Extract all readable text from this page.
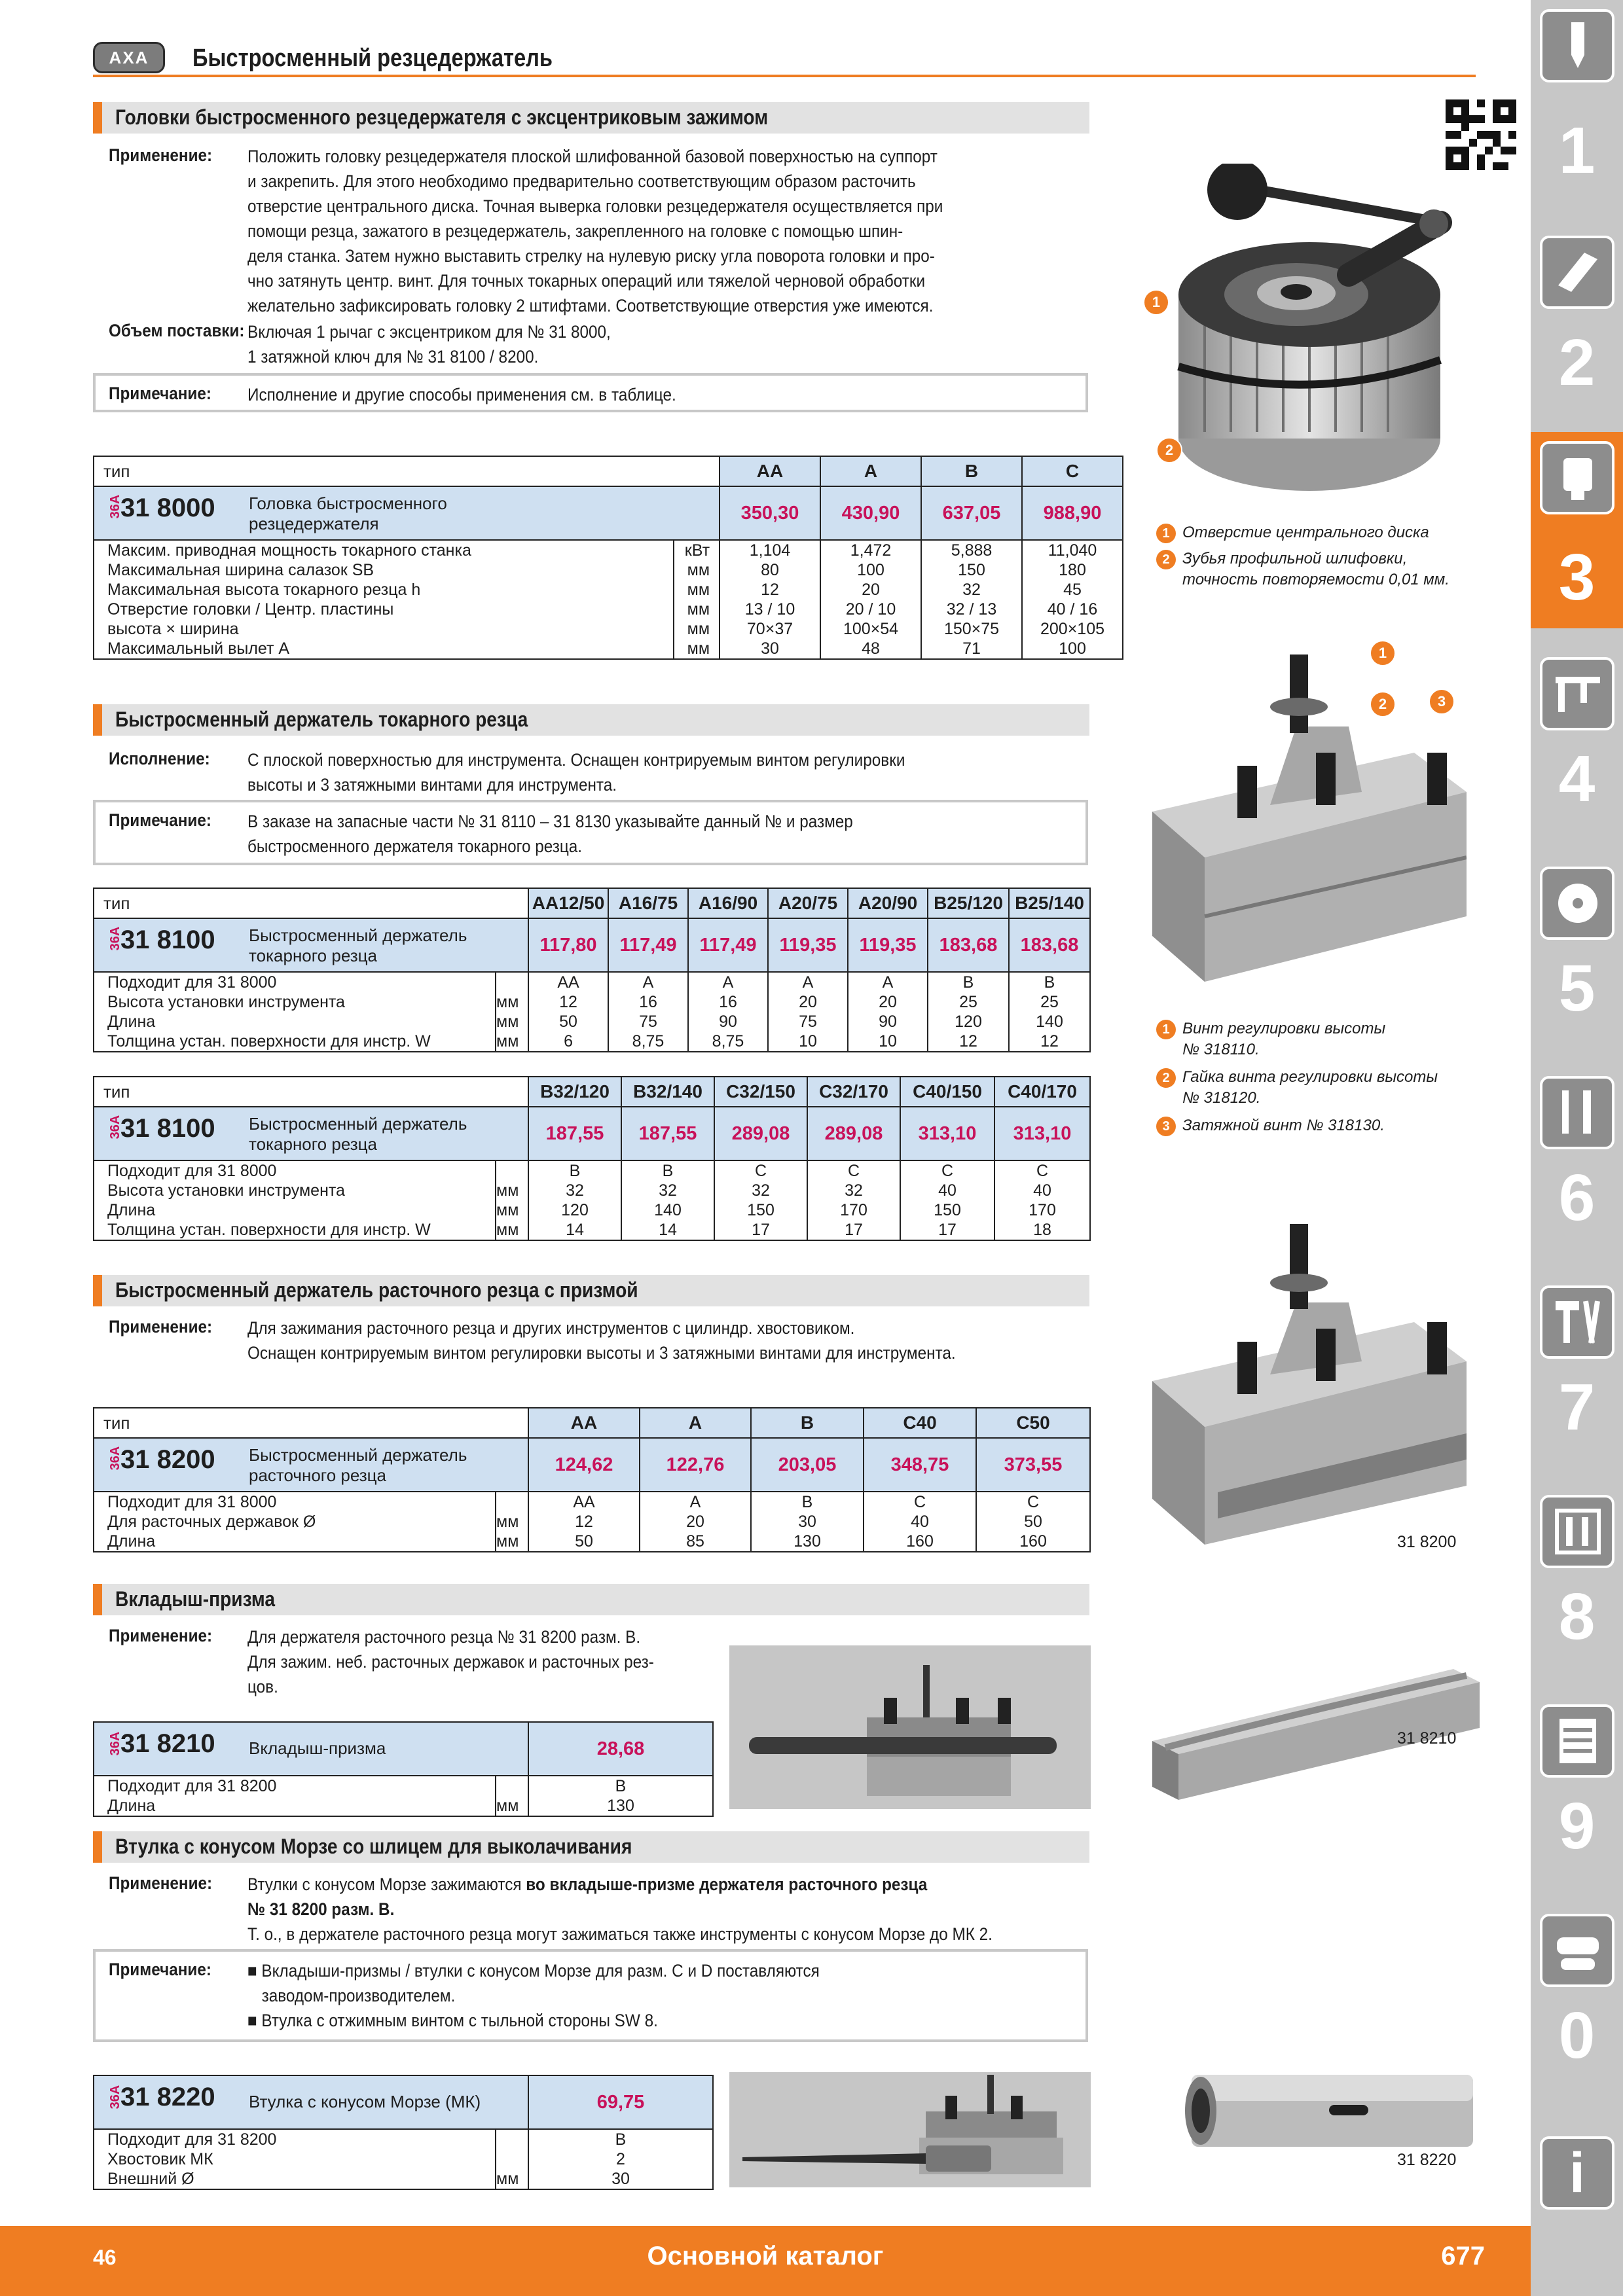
AXA Быстросменный резцедержатель
Головки быстросменного резцедержателя с эксцентриковым зажимом
Применение: Положить головку резцедержателя плоской шлифованной базовой поверхностью на суппорт
и закрепить. Для этого необходимо предварительно соответствующим образом расточить
отверстие центрального диска. Точная выверка головки резцедержателя осуществляется при
помощи резца, зажатого в резцедержатель, закрепленного на головке с помощью шпин-
деля станка. Затем нужно выставить стрелку на нулевую риску угла поворота головки и про-
чно затянуть центр. винт. Для точных токарных операций или тяжелой черновой обработки
желательно зафиксировать головку 2 штифтами. Соответствующие отверстия уже имеются.
Объем поставки: Включая 1 рычаг с эксцентриком для № 31 8000,
1 затяжной ключ для № 31 8100 / 8200.
Примечание: Исполнение и другие способы применения см. в таблице.
тип		AA	A	B	C

36A
31 8000 Головка быстросменного
резцедержателя		350,30	430,90	637,05	988,90
Максим. приводная мощность токарного станка	кВт	1,104	1,472	5,888	11,040
Максимальная ширина салазок SB	мм	80	100	150	180
Максимальная высота токарного резца h	мм	12	20	32	45
Отверстие головки / Центр. пластины	мм	13 / 10	20 / 10	32 / 13	40 / 16
высота × ширина	мм	70×37	100×54	150×75	200×105
Максимальный вылет A	мм	30	48	71	100
1
2
1 Отверстие центрального диска
2 Зубья профильной шлифовки,
точность повторяемости 0,01 мм.
Быстросменный держатель токарного резца
Исполнение: С плоской поверхностью для инструмента. Оснащен контрируемым винтом регулировки
высоты и 3 затяжными винтами для инструмента.
Примечание: В заказе на запасные части № 31 8110 – 31 8130 указывайте данный № и размер
быстросменного держателя токарного резца.
тип		AA12/50	A16/75	A16/90	A20/75	A20/90	B25/120	B25/140

36A
31 8100 Быстросменный держатель
токарного резца		117,80	117,49	117,49	119,35	119,35	183,68	183,68
Подходит для 31 8000		AA	A	A	A	A	B	B
Высота установки инструмента	мм	12	16	16	20	20	25	25
Длина	мм	50	75	90	75	90	120	140
Толщина устан. поверхности для инстр. W	мм	6	8,75	8,75	10	10	12	12
тип		B32/120	B32/140	C32/150	C32/170	C40/150	C40/170

36A
31 8100 Быстросменный держатель
токарного резца		187,55	187,55	289,08	289,08	313,10	313,10
Подходит для 31 8000		B	B	C	C	C	C
Высота установки инструмента	мм	32	32	32	32	40	40
Длина	мм	120	140	150	170	150	170
Толщина устан. поверхности для инстр. W	мм	14	14	17	17	17	18
1
2	3
1 Винт регулировки высоты
№ 318110.
2 Гайка винта регулировки высоты
№ 318120.
3 Затяжной винт № 318130.
Быстросменный держатель расточного резца с призмой
Применение: Для зажимания расточного резца и других инструментов с цилиндр. хвостовиком.
Оснащен контрируемым винтом регулировки высоты и 3 затяжными винтами для инструмента.
тип		AA	A	B	C40	C50

36A
31 8200 Быстросменный держатель
расточного резца		124,62	122,76	203,05	348,75	373,55
Подходит для 31 8000		AA	A	B	C	C
Для расточных державок Ø	мм	12	20	30	40	50
Длина	мм	50	85	130	160	160	31 8200
Вкладыш-призма
Применение: Для держателя расточного резца № 31 8200 разм. B.
Для зажим. неб. расточных державок и расточных рез-
цов.
36A
31 8210 Вкладыш-призма		28,68
Подходит для 31 8200		B
Длина	мм	130
31 8210
Втулка с конусом Морзе со шлицем для выколачивания
Применение: Втулки с конусом Морзе зажимаются во вкладыше-призме держателя расточного резца
№ 31 8200 разм. B.
Т. о., в держателе расточного резца могут зажиматься также инструменты с конусом Морзе до МК 2.
Примечание: ■ Вкладыши-призмы / втулки с конусом Морзе для разм. C и D поставляются
заводом-производителем.
■ Втулка с отжимным винтом с тыльной стороны SW 8.
36A
31 8220 Втулка с конусом Морзе (МК)		69,75
Подходит для 31 8200		B
Хвостовик МК		2
Внешний Ø	мм	30
31 8220
1
2
3
4
5
6
7
8
9
0
i
46	Основной каталог	677
